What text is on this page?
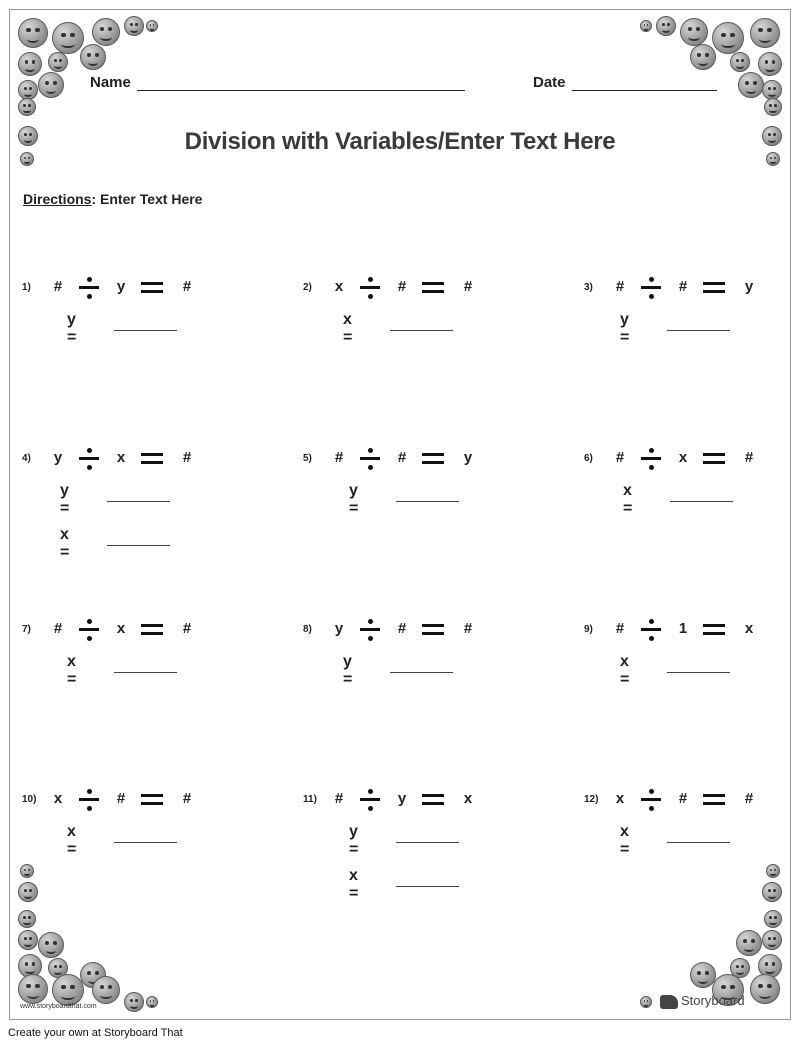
Name	Date
Division with Variables/Enter Text Here
Directions: Enter Text Here
1) #	y	#
y =
2) x	#	#
x =
3) #	#	y
y =
4) y	x	#
y =
x =
5) #	#	y
y =
6) #	x	#
x =
7) #	x	#
x =
8) y	#	#
y =
9) #	1	x
x =
10) x	#	#
x =
11) #	y	x
y =
x =
12) x	#	#
x =
www.storyboardthat.com	Storyboard
Create your own at Storyboard That
